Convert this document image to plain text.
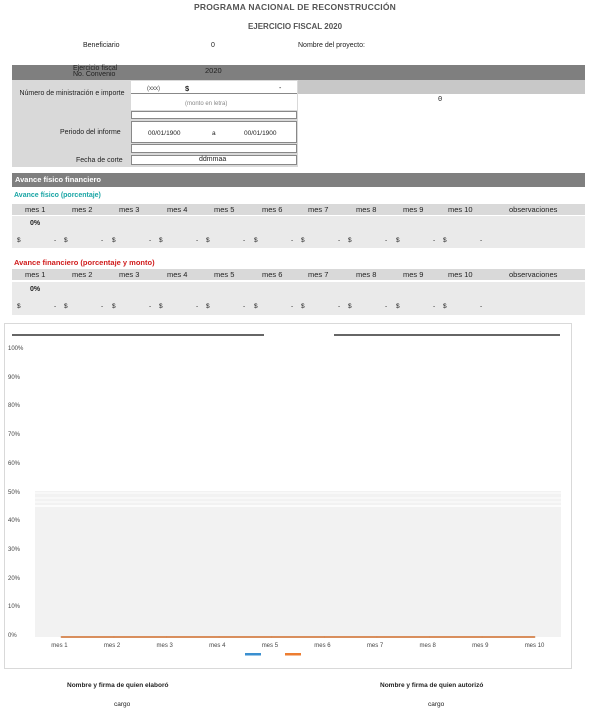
PROGRAMA NACIONAL DE RECONSTRUCCIÓN
EJERCICIO FISCAL 2020
Beneficiario	0	Nombre del proyecto:
Ejercicio fiscal
No. Convenio	2020
0
Número de ministración e importe
(xxx)	$	-
(monto en letra)
Periodo del informe	00/01/1900	a	00/01/1900
Fecha de corte	ddmmaa
Avance físico financiero
Avance físico (porcentaje)
mes 1	mes 2	mes 3	mes 4	mes 5	mes 6	mes 7	mes 8	mes 9	mes 10	observaciones
0%
$	- $	- $	- $	- $	- $	- $	- $	- $	- $	-
Avance financiero (porcentaje y monto)
mes 1	mes 2	mes 3	mes 4	mes 5	mes 6	mes 7	mes 8	mes 9	mes 10	observaciones
0%
$	- $	- $	- $	- $	- $	- $	- $	- $	- $	-
0%
10%
20%
30%
40%
50%
60%
70%
80%
90%
100%
mes 1	mes 2	mes 3	mes 4	mes 5	mes 6	mes 7	mes 8	mes 9	mes 10
Nombre y firma de quien elaboró	Nombre y firma de quien autorizó
cargo	cargo
